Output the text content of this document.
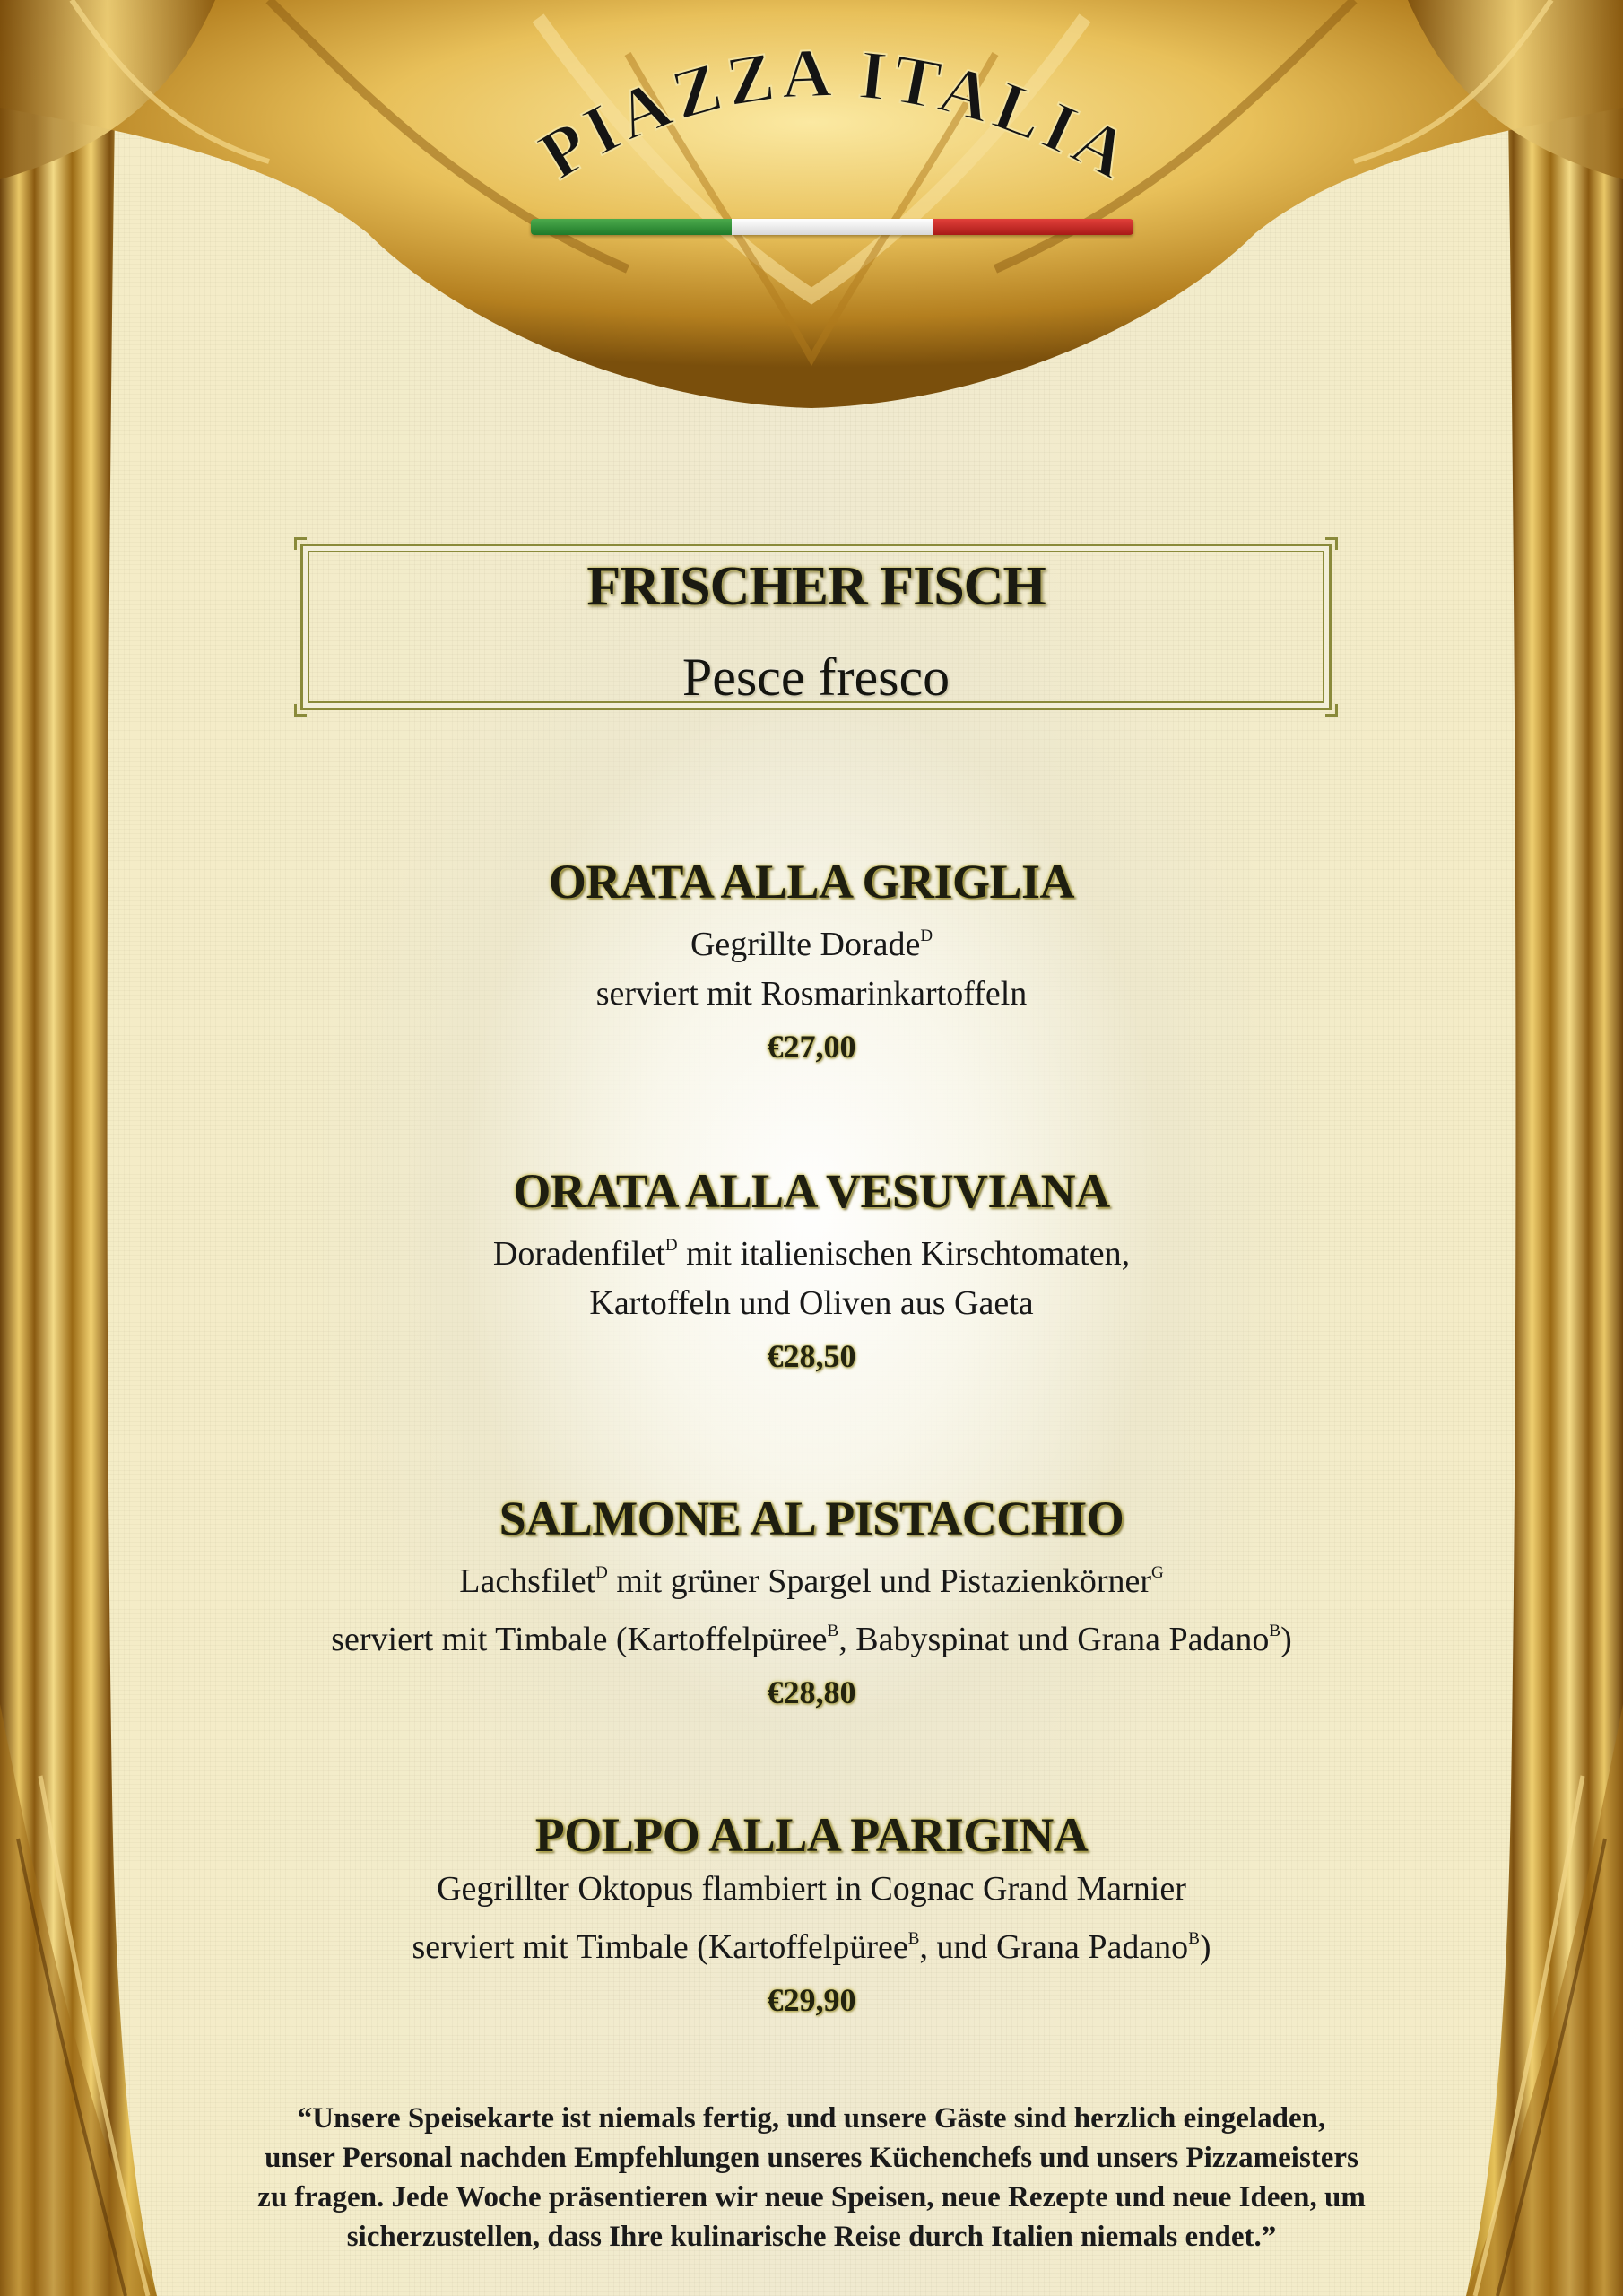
PIAZZA ITALIA
FRISCHER FISCH
Pesce fresco
ORATA ALLA GRIGLIA
Gegrillte Dorade$^D$
serviert mit Rosmarinkartoffeln
€27,00
ORATA ALLA VESUVIANA
Doradenfilet$^D$ mit italienischen Kirschtomaten,
Kartoffeln und Oliven aus Gaeta
€28,50
SALMONE AL PISTACCHIO
Lachsfilet$^D$ mit grüner Spargel und Pistazienkörner$^G$
serviert mit Timbale (Kartoffelpüree$^B$, Babyspinat und Grana Padano$^B$)
€28,80
POLPO ALLA PARIGINA
Gegrillter Oktopus flambiert in Cognac Grand Marnier
serviert mit Timbale (Kartoffelpüree$^B$, und Grana Padano$^B$)
€29,90
“Unsere Speisekarte ist niemals fertig, und unsere Gäste sind herzlich eingeladen,
unser Personal nachden Empfehlungen unseres Küchenchefs und unsers Pizzameisters
zu fragen. Jede Woche präsentieren wir neue Speisen, neue Rezepte und neue Ideen, um
sicherzustellen, dass Ihre kulinarische Reise durch Italien niemals endet.”
